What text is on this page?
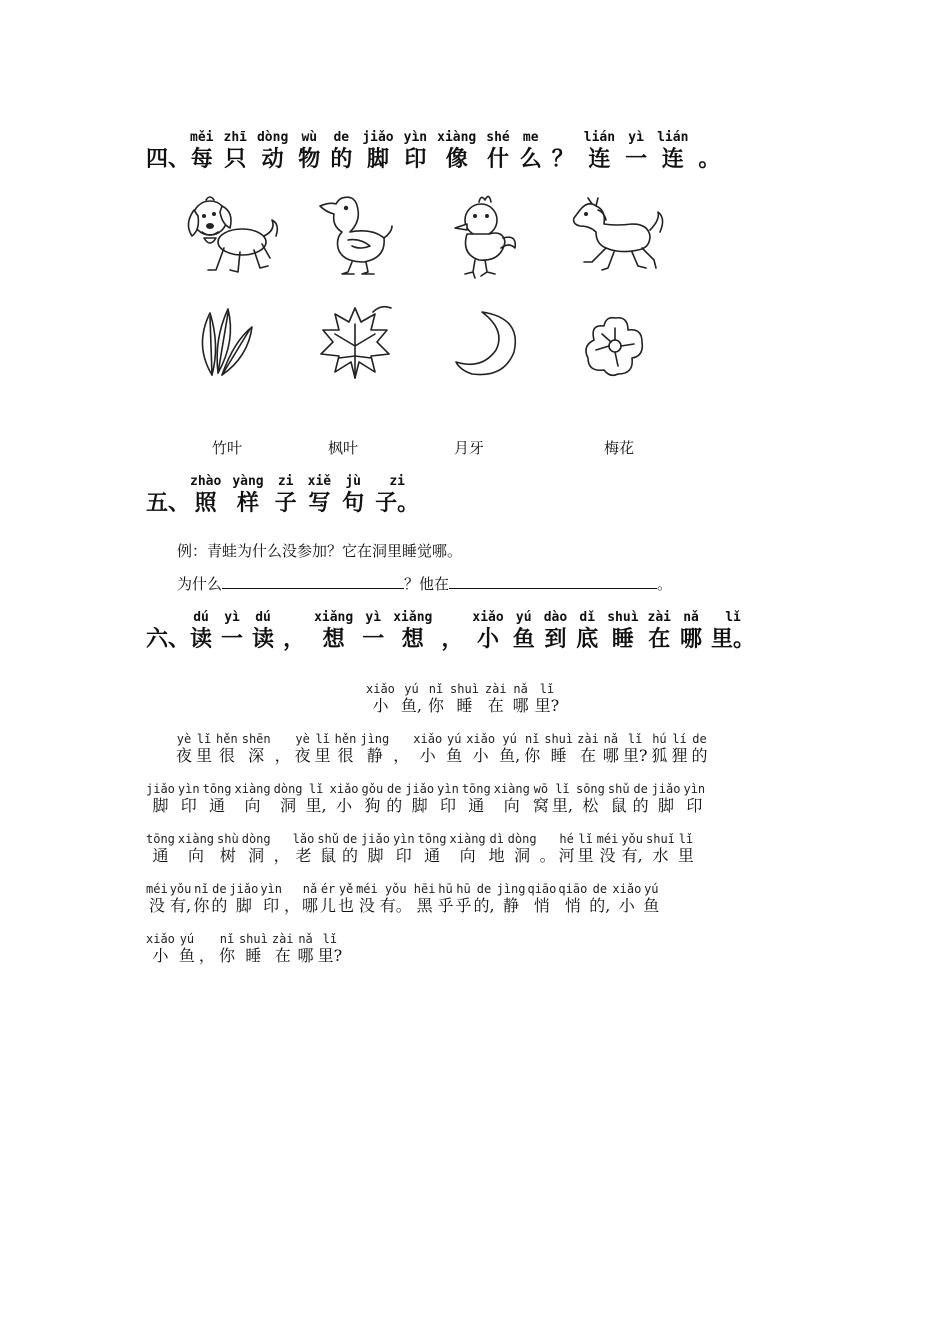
四、
měi
每
zhī
只
dòng
动
wù
物
de
的
jiǎo
脚
yìn
印
xiàng
像
shé
什
me
么 ？
lián
连
yì
一
lián
连 。
竹叶	枫叶	月牙	梅花
五、
zhào
照
yàng
样
zi
子
xiě
写
jù
句
zi
子。
例：青蛙为什么没参加？它在洞里睡觉哪。
为什么	？他在	。
六、
dú
读
yì
一
dú
读 ，
xiǎng
想
yì
一
xiǎng
想 ，
xiǎo
小
yú
鱼
dào
到
dǐ
底
shuì
睡
zài
在
nǎ
哪
lǐ
里。
xiǎo
小
yú
鱼,
nǐ
你
shuì
睡
zài
在
nǎ
哪
lǐ
里?
yè
夜
lǐ
里
hěn
很
shēn
深 ，
yè
夜
lǐ
里
hěn
很
jìng
静 ，
xiǎo
小
yú
鱼
xiǎo
小
yú
鱼,
nǐ
你
shuì
睡
zài
在
nǎ
哪
lǐ
里?
hú
狐
lí
狸
de
的
jiǎo
脚
yìn
印
tōng
通
xiàng
向
dòng
洞
lǐ
里,
xiǎo
小
gǒu
狗
de
的
jiǎo
脚
yìn
印
tōng
通
xiàng
向
wō
窝
lǐ
里,
sōng
松
shǔ
鼠
de
的
jiǎo
脚
yìn
印
tōng
通
xiàng
向
shù
树
dòng
洞 ，
lǎo
老
shǔ
鼠
de
的
jiǎo
脚
yìn
印
tōng
通
xiàng
向
dì
地
dòng
洞 。
hé
河
lǐ
里
méi
没
yǒu
有,
shuǐ
水
lǐ
里
méi
没
yǒu
有,
nǐ
你
de
的
jiǎo
脚
yìn
印 ，
nǎ
哪
ér
儿
yě
也
méi
没
yǒu
有。
hēi
黑
hū
乎
hū
乎
de
的,
jìng
静
qiāo
悄
qiāo
悄
de
的,
xiǎo
小
yú
鱼
xiǎo
小
yú
鱼 ，
nǐ
你
shuì
睡
zài
在
nǎ
哪
lǐ
里?
